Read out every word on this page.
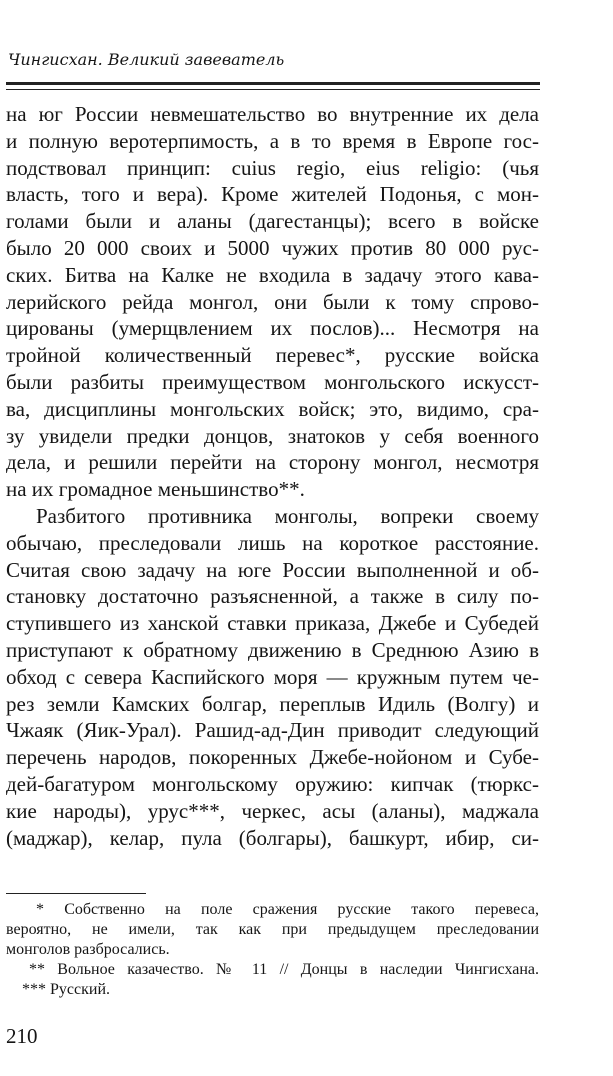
Чингисхан. Великий завеватель
на юг России невмешательство во внутренние их дела
и полную веротерпимость, а в то время в Европе гос-
подствовал принцип: cuius regio, eius religio: (чья
власть, того и вера). Кроме жителей Подонья, с мон-
голами были и аланы (дагестанцы); всего в войске
было 20 000 своих и 5000 чужих против 80 000 рус-
ских. Битва на Калке не входила в задачу этого кава-
лерийского рейда монгол, они были к тому спрово-
цированы (умерщвлением их послов)... Несмотря на
тройной количественный перевес*, русские войска
были разбиты преимуществом монгольского искусст-
ва, дисциплины монгольских войск; это, видимо, сра-
зу увидели предки донцов, знатоков у себя военного
дела, и решили перейти на сторону монгол, несмотря
на их громадное меньшинство**.
Разбитого противника монголы, вопреки своему
обычаю, преследовали лишь на короткое расстояние.
Считая свою задачу на юге России выполненной и об-
становку достаточно разъясненной, а также в силу по-
ступившего из ханской ставки приказа, Джебе и Субедей
приступают к обратному движению в Среднюю Азию в
обход с севера Каспийского моря — кружным путем че-
рез земли Камских болгар, переплыв Идиль (Волгу) и
Чжаяк (Яик-Урал). Рашид-ад-Дин приводит следующий
перечень народов, покоренных Джебе-нойоном и Субе-
дей-багатуром монгольскому оружию: кипчак (тюркс-
кие народы), урус***, черкес, асы (аланы), маджала
(маджар), келар, пула (болгары), башкурт, ибир, си-
* Собственно на поле сражения русские такого перевеса,
вероятно, не имели, так как при предыдущем преследовании
монголов разбросались.
** Вольное казачество. № 11 // Донцы в наследии Чингисхана.
*** Русский.
210
